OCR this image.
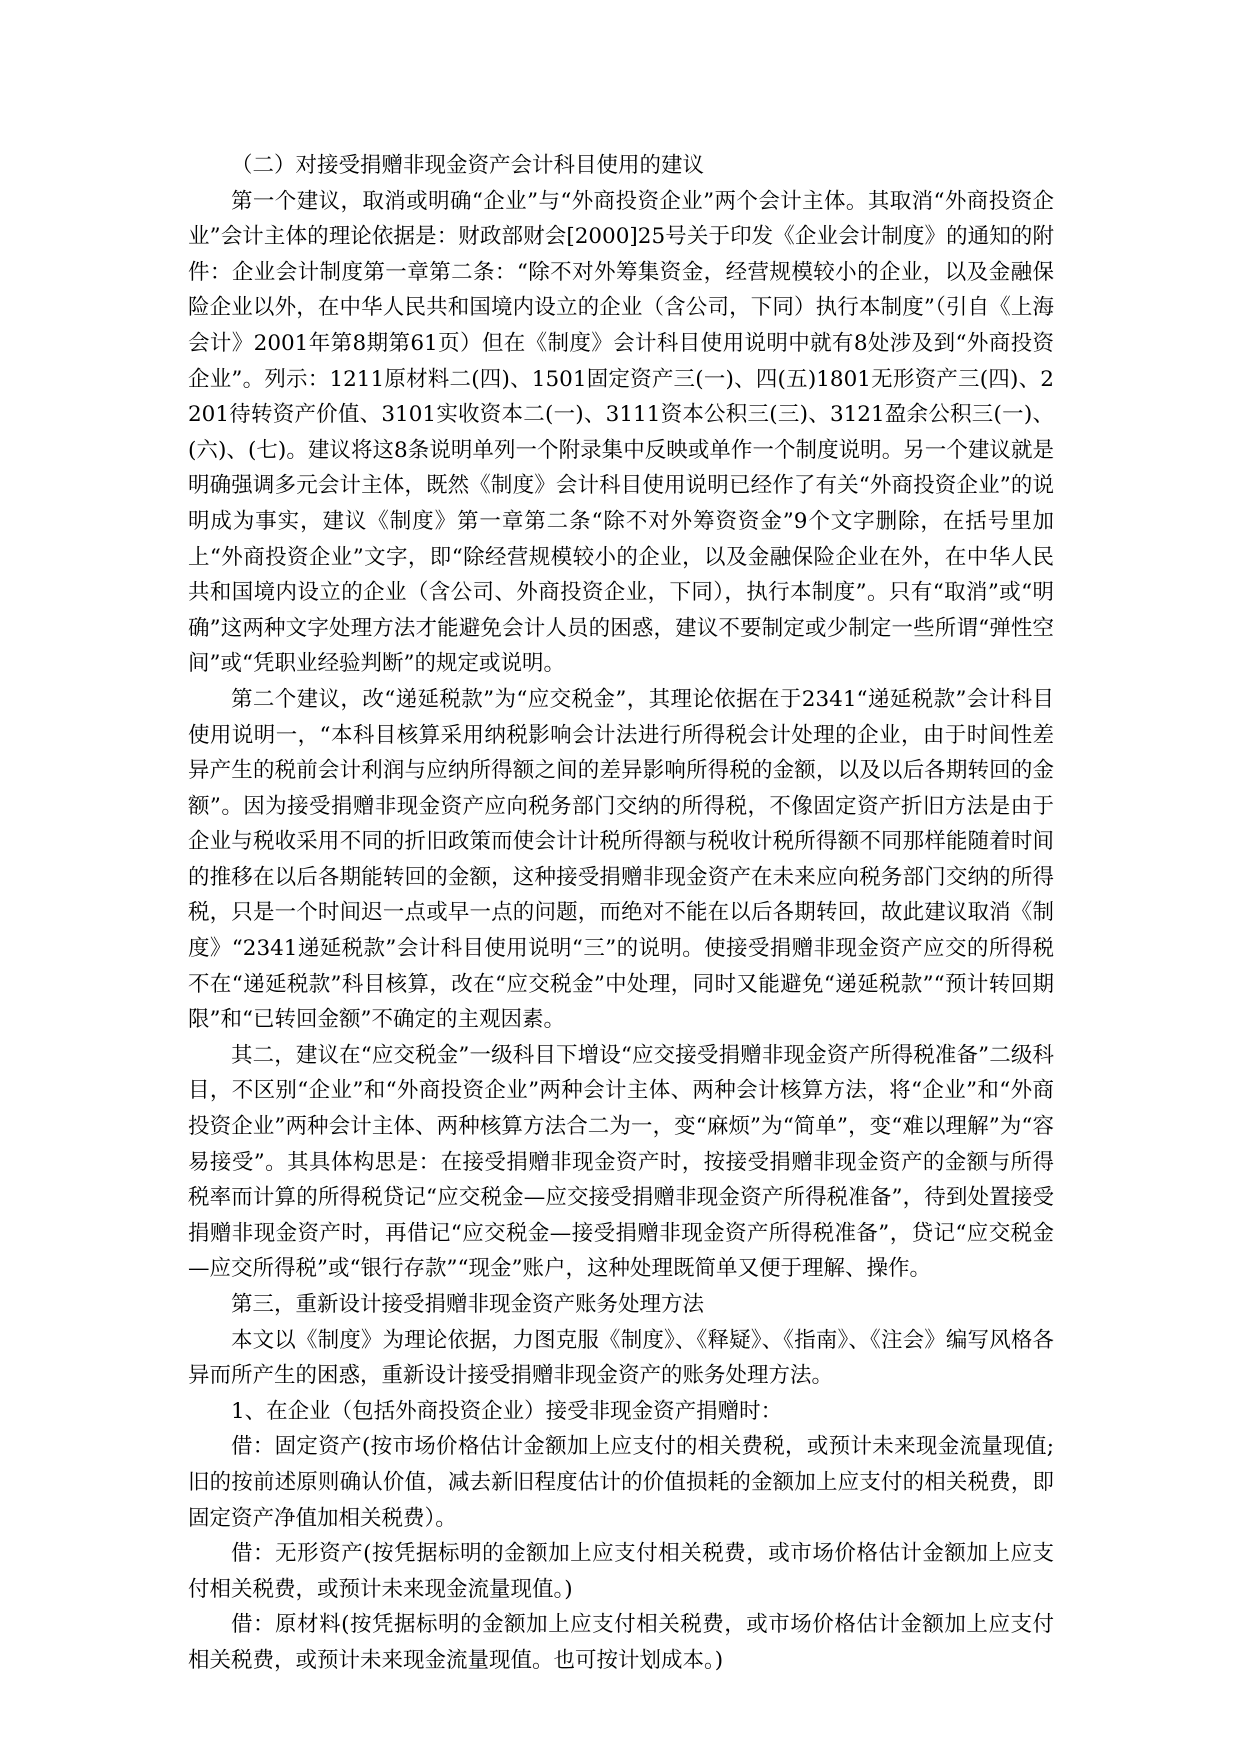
（二）对接受捐赠非现金资产会计科目使用的建议

第一个建议，取消或明确“企业”与“外商投资企业”两个会计主体。其取消“外商投资企业”会计主体的理论依据是：财政部财会[2000]25号关于印发《企业会计制度》的通知的附件：企业会计制度第一章第二条：“除不对外筹集资金，经营规模较小的企业，以及金融保险企业以外，在中华人民共和国境内设立的企业（含公司，下同）执行本制度”（引自《上海会计》2001年第8期第61页）但在《制度》会计科目使用说明中就有8处涉及到“外商投资企业”。列示：1211原材料二(四)、1501固定资产三(一)、四(五)1801无形资产三(四)、2201待转资产价值、3101实收资本二(一)、3111资本公积三(三)、3121盈余公积三(一)、(六)、(七)。建议将这8条说明单列一个附录集中反映或单作一个制度说明。另一个建议就是明确强调多元会计主体，既然《制度》会计科目使用说明已经作了有关“外商投资企业”的说明成为事实，建议《制度》第一章第二条“除不对外筹资资金”9个文字删除，在括号里加上“外商投资企业”文字，即“除经营规模较小的企业，以及金融保险企业在外，在中华人民共和国境内设立的企业（含公司、外商投资企业，下同），执行本制度”。只有“取消”或“明确”这两种文字处理方法才能避免会计人员的困惑，建议不要制定或少制定一些所谓“弹性空间”或“凭职业经验判断”的规定或说明。

第二个建议，改“递延税款”为“应交税金”，其理论依据在于2341“递延税款”会计科目使用说明一，“本科目核算采用纳税影响会计法进行所得税会计处理的企业，由于时间性差异产生的税前会计利润与应纳所得额之间的差异影响所得税的金额，以及以后各期转回的金额”。因为接受捐赠非现金资产应向税务部门交纳的所得税，不像固定资产折旧方法是由于企业与税收采用不同的折旧政策而使会计计税所得额与税收计税所得额不同那样能随着时间的推移在以后各期能转回的金额，这种接受捐赠非现金资产在未来应向税务部门交纳的所得税，只是一个时间迟一点或早一点的问题，而绝对不能在以后各期转回，故此建议取消《制度》“2341递延税款”会计科目使用说明“三”的说明。使接受捐赠非现金资产应交的所得税不在“递延税款”科目核算，改在“应交税金”中处理，同时又能避免“递延税款”“预计转回期限”和“已转回金额”不确定的主观因素。

其二，建议在“应交税金”一级科目下增设“应交接受捐赠非现金资产所得税准备”二级科目，不区别“企业”和“外商投资企业”两种会计主体、两种会计核算方法，将“企业”和“外商投资企业”两种会计主体、两种核算方法合二为一，变“麻烦”为“简单”，变“难以理解”为“容易接受”。其具体构思是：在接受捐赠非现金资产时，按接受捐赠非现金资产的金额与所得税率而计算的所得税贷记“应交税金—应交接受捐赠非现金资产所得税准备”，待到处置接受捐赠非现金资产时，再借记“应交税金—接受捐赠非现金资产所得税准备”，贷记“应交税金—应交所得税”或“银行存款”“现金”账户，这种处理既简单又便于理解、操作。

第三，重新设计接受捐赠非现金资产账务处理方法

本文以《制度》为理论依据，力图克服《制度》、《释疑》、《指南》、《注会》编写风格各异而所产生的困惑，重新设计接受捐赠非现金资产的账务处理方法。

1、在企业（包括外商投资企业）接受非现金资产捐赠时：

借：固定资产(按市场价格估计金额加上应支付的相关费税，或预计未来现金流量现值;旧的按前述原则确认价值，减去新旧程度估计的价值损耗的金额加上应支付的相关税费，即固定资产净值加相关税费）。

借：无形资产(按凭据标明的金额加上应支付相关税费，或市场价格估计金额加上应支付相关税费，或预计未来现金流量现值。)

借：原材料(按凭据标明的金额加上应支付相关税费，或市场价格估计金额加上应支付相关税费，或预计未来现金流量现值。也可按计划成本。)
